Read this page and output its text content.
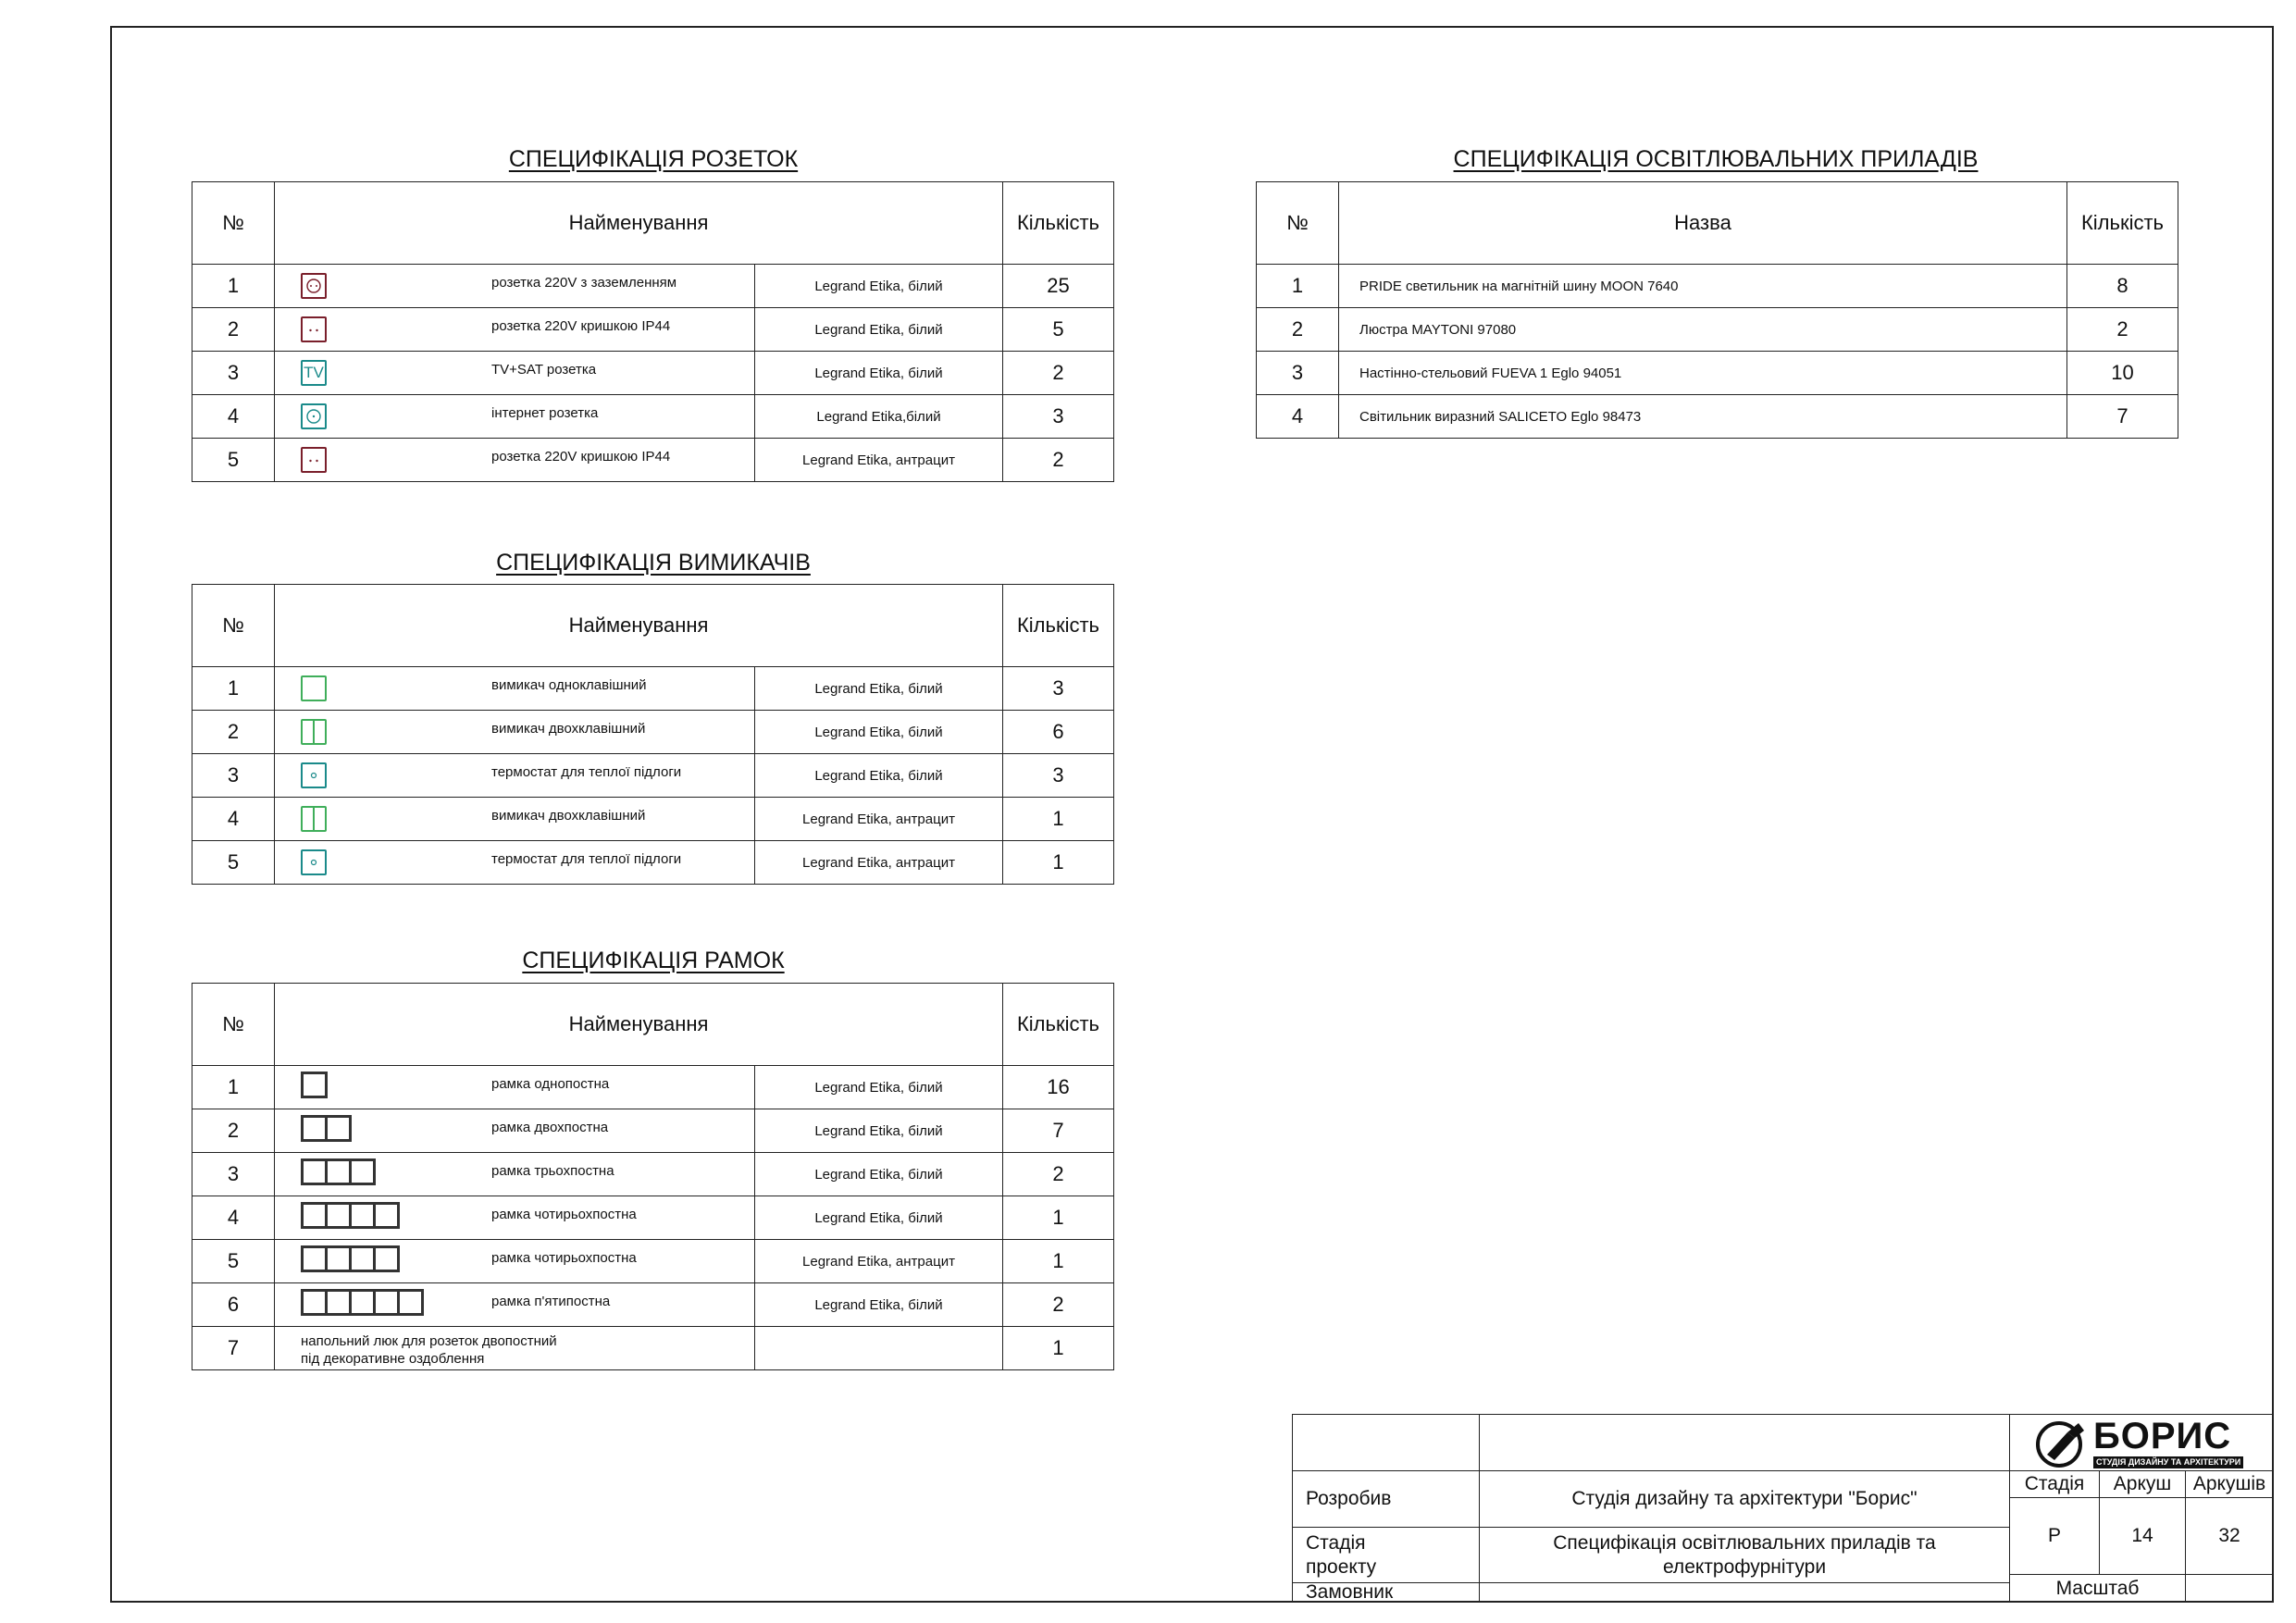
СПЕЦИФІКАЦІЯ РОЗЕТОК
№	Найменування		Кількість
1	розетка 220V з заземленням	Legrand Etika, білий	25
2	розетка 220V кришкою IP44	Legrand Etika, білий	5
3	TV TV+SAT розетка	Legrand Etika, білий	2
4	інтернет розетка	Legrand Etika,білий	3
5	розетка 220V кришкою IP44	Legrand Etika, антрацит	2
СПЕЦИФІКАЦІЯ ВИМИКАЧІВ
№	Найменування		Кількість
1	вимикач одноклавішний	Legrand Etika, білий	3
2	вимикач двохклавішний	Legrand Etika, білий	6
3	термостат для теплої підлоги	Legrand Etika, білий	3
4	вимикач двохклавішний	Legrand Etika, антрацит	1
5	термостат для теплої підлоги	Legrand Etika, антрацит	1
СПЕЦИФІКАЦІЯ РАМОК
№	Найменування		Кількість
1	рамка однопостна	Legrand Etika, білий	16
2	рамка двохпостна	Legrand Etika, білий	7
3	рамка трьохпостна	Legrand Etika, білий	2
4	рамка чотирьохпостна	Legrand Etika, білий	1
5	рамка чотирьохпостна	Legrand Etika, антрацит	1
6	рамка п'ятипостна	Legrand Etika, білий	2
7	напольний люк для розеток двопостний
під декоративне оздоблення		1
СПЕЦИФІКАЦІЯ ОСВІТЛЮВАЛЬНИХ ПРИЛАДІВ
№	Назва	Кількість
1	PRIDE светильник на магнітній шину MOON 7640	8
2	Люстра MAYTONI 97080	2
3	Настінно-стельовий FUEVA 1 Eglo 94051	10
4	Світильник виразний SALICETO Eglo 98473	7
БОРИС
СТУДІЯ ДИЗАЙНУ ТА АРХІТЕКТУРИ
Розробив	Студія дизайну та архітектури "Борис"
Стадія	Аркуш	Аркушів
Р	14	32
Стадія
проекту
Специфікація освітлювальних приладів та
електрофурнітури
Замовник	Масштаб
